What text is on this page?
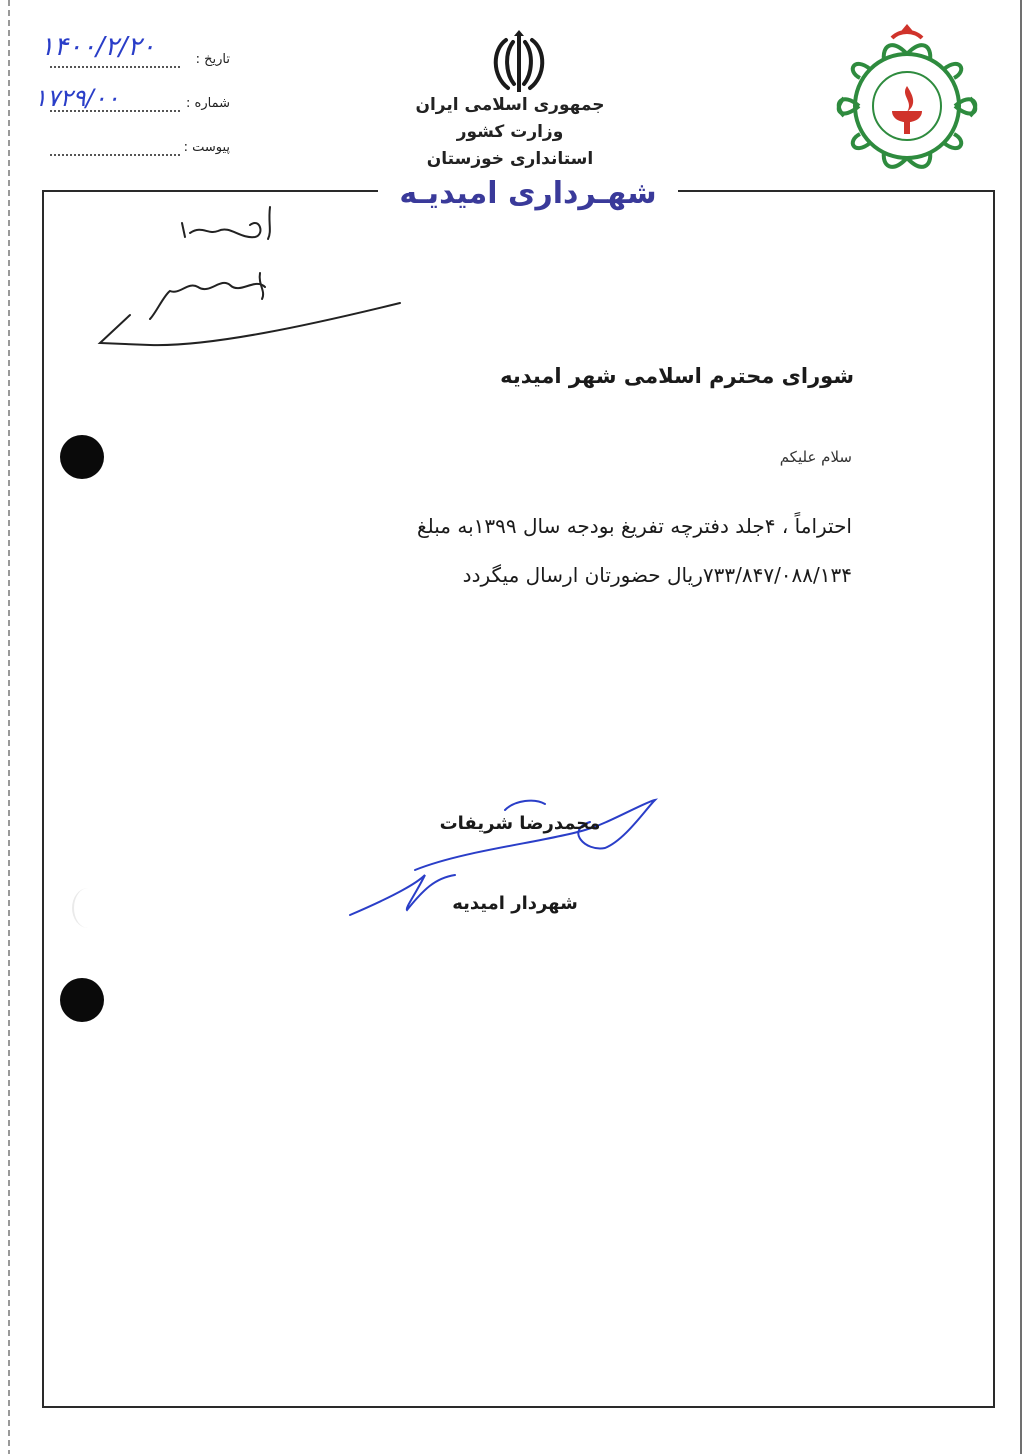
تاریخ :
۱۴۰۰/۲/۲۰
شماره :
۱۷۲۹/۰۰
پیوست :
جمهوری اسلامی ایران
وزارت کشور
استانداری خوزستان
شهـرداری امیدیـه
با سلام
جلسه شورا
شورای محترم اسلامی شهر امیدیه
سلام علیکم
احتراماً ، ۴جلد دفترچه تفریغ بودجه سال ۱۳۹۹به مبلغ
۷۳۳/۸۴۷/۰۸۸/۱۳۴ریال حضورتان ارسال میگردد
محمدرضا شریفات
شهردار امیدیه
